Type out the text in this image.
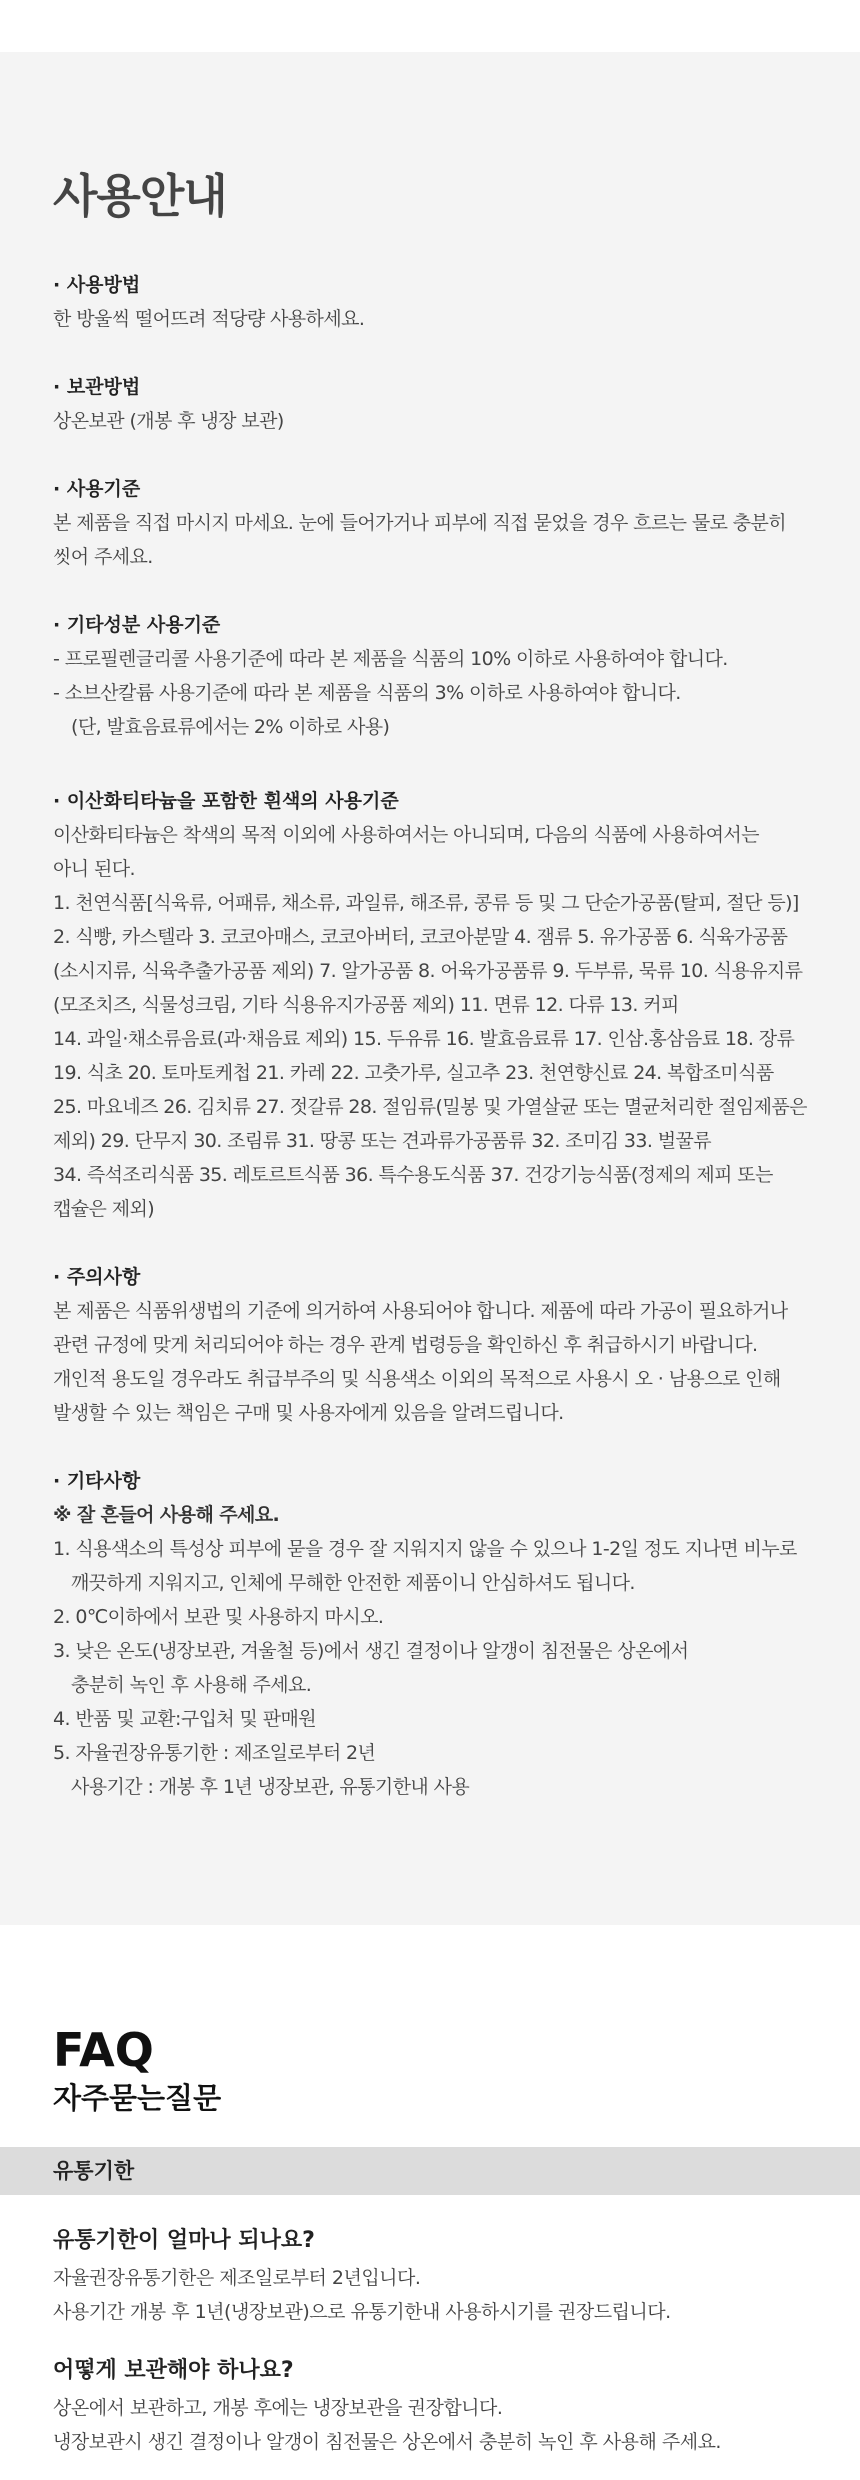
사용안내
· 사용방법
한 방울씩 떨어뜨려 적당량 사용하세요.
· 보관방법
상온보관 (개봉 후 냉장 보관)
· 사용기준
본 제품을 직접 마시지 마세요. 눈에 들어가거나 피부에 직접 묻었을 경우 흐르는 물로 충분히
씻어 주세요.
· 기타성분 사용기준
- 프로필렌글리콜 사용기준에 따라 본 제품을 식품의 10% 이하로 사용하여야 합니다.
- 소브산칼륨 사용기준에 따라 본 제품을 식품의 3% 이하로 사용하여야 합니다.
(단, 발효음료류에서는 2% 이하로 사용)
· 이산화티타늄을 포함한 흰색의 사용기준
이산화티타늄은 착색의 목적 이외에 사용하여서는 아니되며, 다음의 식품에 사용하여서는
아니 된다.
1. 천연식품[식육류, 어패류, 채소류, 과일류, 해조류, 콩류 등 및 그 단순가공품(탈피, 절단 등)]
2. 식빵, 카스텔라 3. 코코아매스, 코코아버터, 코코아분말 4. 잼류 5. 유가공품 6. 식육가공품
(소시지류, 식육추출가공품 제외) 7. 알가공품 8. 어육가공품류 9. 두부류, 묵류 10. 식용유지류
(모조치즈, 식물성크림, 기타 식용유지가공품 제외) 11. 면류 12. 다류 13. 커피
14. 과일·채소류음료(과·채음료 제외) 15. 두유류 16. 발효음료류 17. 인삼.홍삼음료 18. 장류
19. 식초 20. 토마토케첩 21. 카레 22. 고춧가루, 실고추 23. 천연향신료 24. 복합조미식품
25. 마요네즈 26. 김치류 27. 젓갈류 28. 절임류(밀봉 및 가열살균 또는 멸균처리한 절임제품은
제외) 29. 단무지 30. 조림류 31. 땅콩 또는 견과류가공품류 32. 조미김 33. 벌꿀류
34. 즉석조리식품 35. 레토르트식품 36. 특수용도식품 37. 건강기능식품(정제의 제피 또는
캡슐은 제외)
· 주의사항
본 제품은 식품위생법의 기준에 의거하여 사용되어야 합니다. 제품에 따라 가공이 필요하거나
관련 규정에 맞게 처리되어야 하는 경우 관계 법령등을 확인하신 후 취급하시기 바랍니다.
개인적 용도일 경우라도 취급부주의 및 식용색소 이외의 목적으로 사용시 오 · 남용으로 인해
발생할 수 있는 책임은 구매 및 사용자에게 있음을 알려드립니다.
· 기타사항
※ 잘 흔들어 사용해 주세요.
1. 식용색소의 특성상 피부에 묻을 경우 잘 지워지지 않을 수 있으나 1-2일 정도 지나면 비누로
깨끗하게 지워지고, 인체에 무해한 안전한 제품이니 안심하셔도 됩니다.
2. 0℃이하에서 보관 및 사용하지 마시오.
3. 낮은 온도(냉장보관, 겨울철 등)에서 생긴 결정이나 알갱이 침전물은 상온에서
충분히 녹인 후 사용해 주세요.
4. 반품 및 교환:구입처 및 판매원
5. 자율권장유통기한 : 제조일로부터 2년
사용기간 : 개봉 후 1년 냉장보관, 유통기한내 사용
FAQ
자주묻는질문
유통기한
유통기한이 얼마나 되나요?
자율권장유통기한은 제조일로부터 2년입니다.
사용기간 개봉 후 1년(냉장보관)으로 유통기한내 사용하시기를 권장드립니다.
어떻게 보관해야 하나요?
상온에서 보관하고, 개봉 후에는 냉장보관을 권장합니다.
냉장보관시 생긴 결정이나 알갱이 침전물은 상온에서 충분히 녹인 후 사용해 주세요.
